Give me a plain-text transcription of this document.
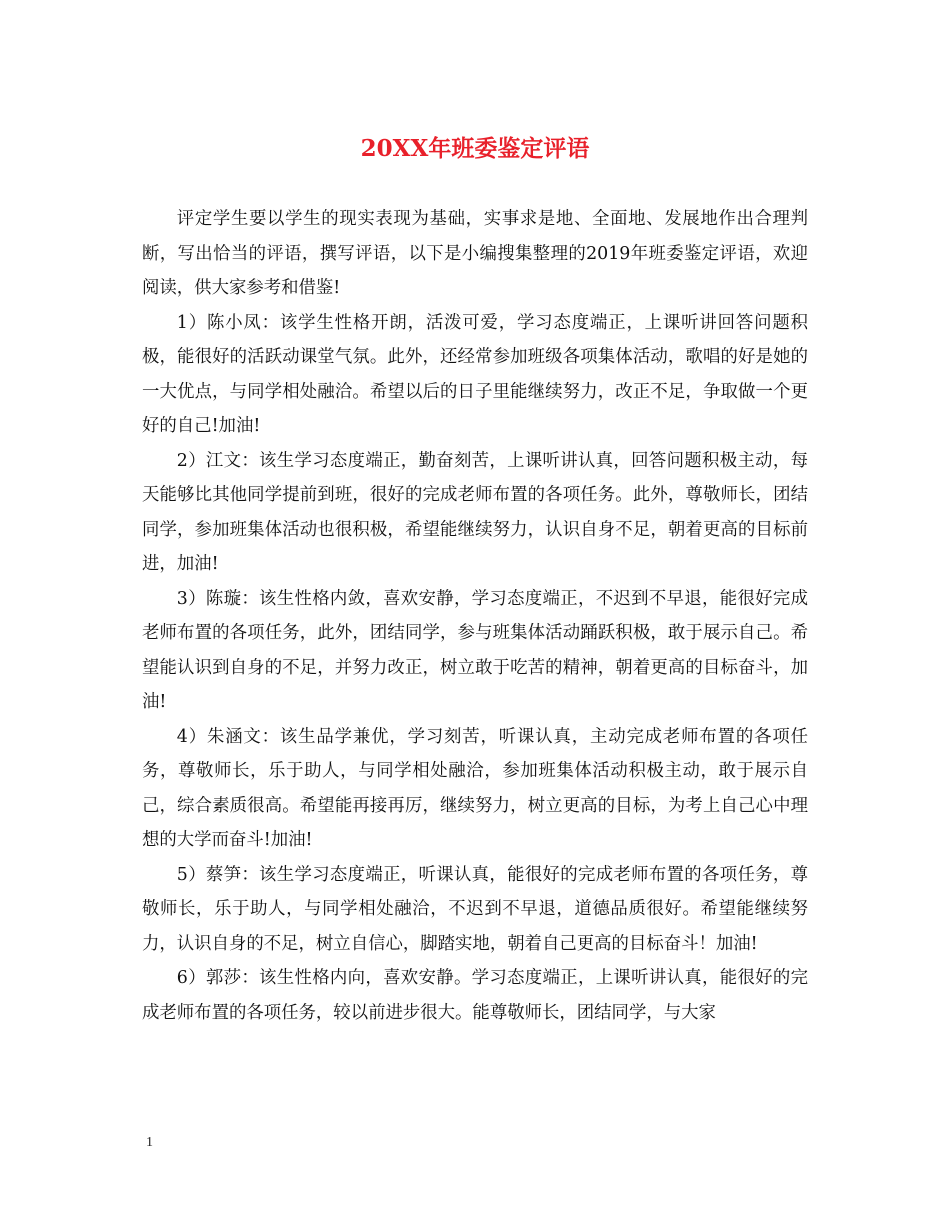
20XX年班委鉴定评语

评定学生要以学生的现实表现为基础，实事求是地、全面地、发展地作出合理判断，写出恰当的评语，撰写评语，以下是小编搜集整理的2019年班委鉴定评语，欢迎阅读，供大家参考和借鉴!

1）陈小凤：该学生性格开朗，活泼可爱，学习态度端正，上课听讲回答问题积极，能很好的活跃动课堂气氛。此外，还经常参加班级各项集体活动，歌唱的好是她的一大优点，与同学相处融洽。希望以后的日子里能继续努力，改正不足，争取做一个更好的自己!加油!

2）江文：该生学习态度端正，勤奋刻苦，上课听讲认真，回答问题积极主动，每天能够比其他同学提前到班，很好的完成老师布置的各项任务。此外，尊敬师长，团结同学，参加班集体活动也很积极，希望能继续努力，认识自身不足，朝着更高的目标前进，加油!

3）陈璇：该生性格内敛，喜欢安静，学习态度端正，不迟到不早退，能很好完成老师布置的各项任务，此外，团结同学，参与班集体活动踊跃积极，敢于展示自己。希望能认识到自身的不足，并努力改正，树立敢于吃苦的精神，朝着更高的目标奋斗，加油!

4）朱涵文：该生品学兼优，学习刻苦，听课认真，主动完成老师布置的各项任务，尊敬师长，乐于助人，与同学相处融洽，参加班集体活动积极主动，敢于展示自己，综合素质很高。希望能再接再厉，继续努力，树立更高的目标，为考上自己心中理想的大学而奋斗!加油!

5）蔡笋：该生学习态度端正，听课认真，能很好的完成老师布置的各项任务，尊敬师长，乐于助人，与同学相处融洽，不迟到不早退，道德品质很好。希望能继续努力，认识自身的不足，树立自信心，脚踏实地，朝着自己更高的目标奋斗！加油!

6）郭莎：该生性格内向，喜欢安静。学习态度端正，上课听讲认真，能很好的完成老师布置的各项任务，较以前进步很大。能尊敬师长，团结同学，与大家

1
